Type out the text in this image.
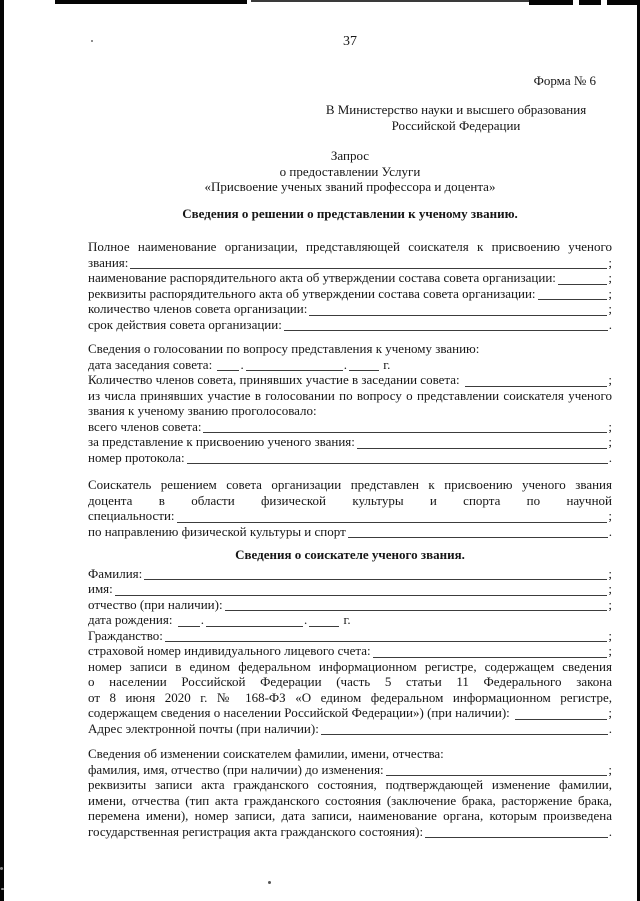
37
Форма № 6
В Министерство науки и высшего образования
Российской Федерации
Запрос
о предоставлении Услуги
«Присвоение ученых званий профессора и доцента»
Сведения о решении о представлении к ученому званию.
Полное наименование организации, представляющей соискателя к присвоению ученого
звания:	;
наименование распорядительного акта об утверждении состава совета организации:	;
реквизиты распорядительного акта об утверждении состава совета организации:	;
количество членов совета организации:	;
срок действия совета организации:	.
Сведения о голосовании по вопросу представления к ученому званию:
дата заседания совета: .	.	г.
Количество членов совета, принявших участие в заседании совета:	;
из числа принявших участие в голосовании по вопросу о представлении соискателя ученого
звания к ученому званию проголосовало:
всего членов совета:	;
за представление к присвоению ученого звания:	;
номер протокола:	.
Соискатель решением совета организации представлен к присвоению ученого звания
доцента в области физической культуры и спорта по научной
специальности:	;
по направлению физической культуры и спорт	.
Сведения о соискателе ученого звания.
Фамилия:	;
имя:	;
отчество (при наличии):	;
дата рождения: .	.	г.
Гражданство:	;
страховой номер индивидуального лицевого счета:	;
номер записи в едином федеральном информационном регистре, содержащем сведения
о населении Российской Федерации (часть 5 статьи 11 Федерального закона
от 8 июня 2020 г. № 168-ФЗ «О едином федеральном информационном регистре,
содержащем сведения о населении Российской Федерации») (при наличии):	;
Адрес электронной почты (при наличии):	.
Сведения об изменении соискателем фамилии, имени, отчества:
фамилия, имя, отчество (при наличии) до изменения:	;
реквизиты записи акта гражданского состояния, подтверждающей изменение фамилии,
имени, отчества (тип акта гражданского состояния (заключение брака, расторжение брака,
перемена имени), номер записи, дата записи, наименование органа, которым произведена
государственная регистрация акта гражданского состояния):	.
